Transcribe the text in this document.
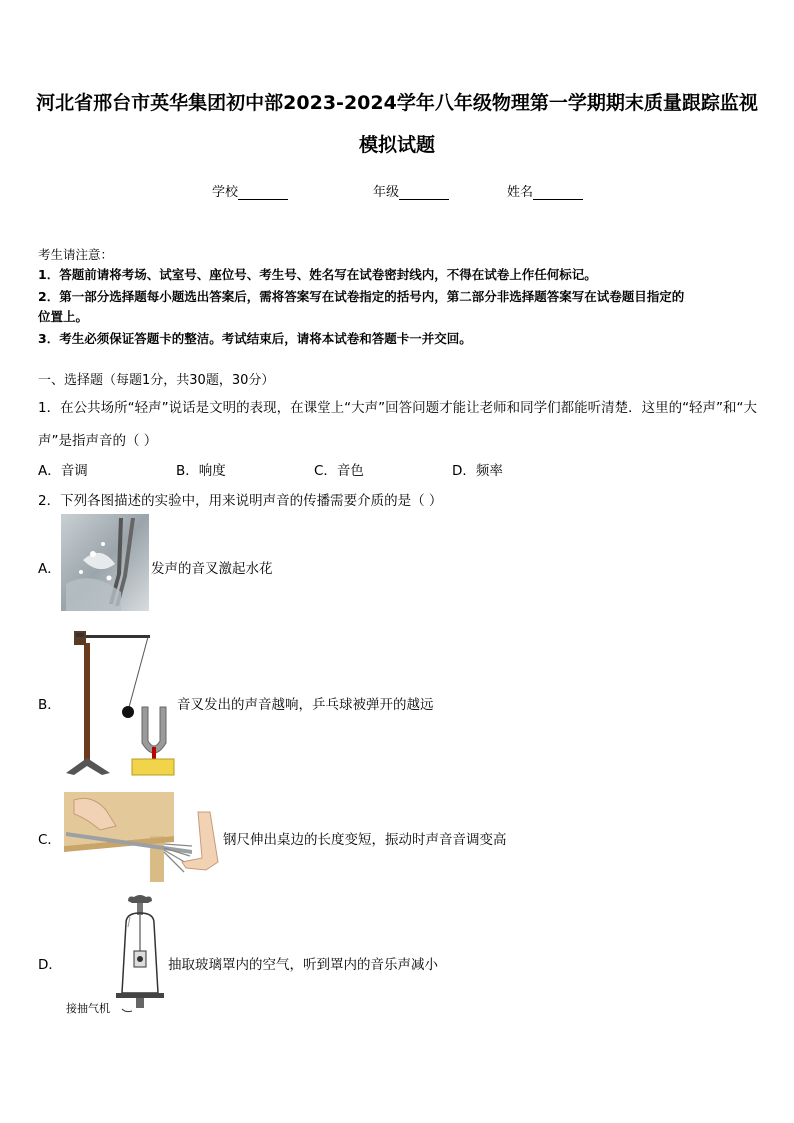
河北省邢台市英华集团初中部2023-2024学年八年级物理第一学期期末质量跟踪监视
模拟试题
学校	年级	姓名
考生请注意：
1．答题前请将考场、试室号、座位号、考生号、姓名写在试卷密封线内，不得在试卷上作任何标记。
2．第一部分选择题每小题选出答案后，需将答案写在试卷指定的括号内，第二部分非选择题答案写在试卷题目指定的
位置上。
3．考生必须保证答题卡的整洁。考试结束后，请将本试卷和答题卡一并交回。
一、选择题（每题1分，共30题，30分）
1．在公共场所“轻声”说话是文明的表现，在课堂上“大声”回答问题才能让老师和同学们都能听清楚．这里的“轻声”和“大
声”是指声音的（ ）
A．音调	B．响度	C．音色	D．频率
2．下列各图描述的实验中，用来说明声音的传播需要介质的是（ ）
A．	发声的音叉激起水花
B．	音叉发出的声音越响，乒乓球被弹开的越远
C．	钢尺伸出桌边的长度变短，振动时声音音调变高
D．	抽取玻璃罩内的空气，听到罩内的音乐声减小
接抽气机
